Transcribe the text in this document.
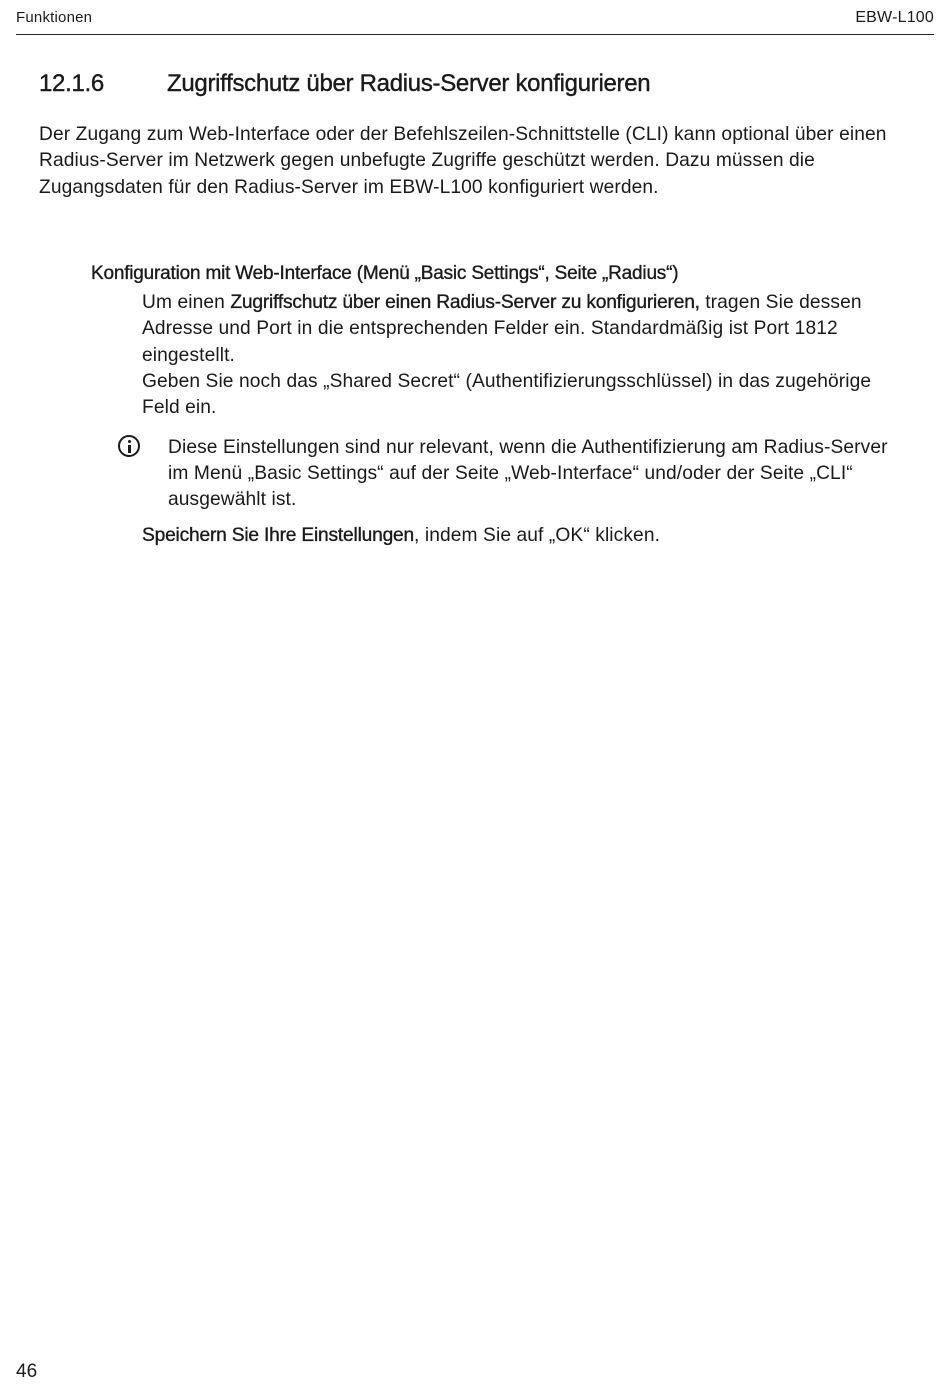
Funktionen	EBW-L100
12.1.6	Zugriffschutz über Radius-Server konfigurieren

Der Zugang zum Web-Interface oder der Befehlszeilen-Schnittstelle (CLI) kann optional über einen Radius-Server im Netzwerk gegen unbefugte Zugriffe geschützt werden. Dazu müssen die Zugangsdaten für den Radius-Server im EBW-L100 konfiguriert werden.

Konfiguration mit Web-Interface (Menü „Basic Settings“, Seite „Radius“)

Um einen Zugriffschutz über einen Radius-Server zu konfigurieren, tragen Sie dessen Adresse und Port in die entsprechenden Felder ein. Standardmäßig ist Port 1812 eingestellt.
Geben Sie noch das „Shared Secret“ (Authentifizierungsschlüssel) in das zugehörige Feld ein.
Diese Einstellungen sind nur relevant, wenn die Authentifizierung am Radius-Server im Menü „Basic Settings“ auf der Seite „Web-Interface“ und/oder der Seite „CLI“ ausgewählt ist.
Speichern Sie Ihre Einstellungen, indem Sie auf „OK“ klicken.
46
